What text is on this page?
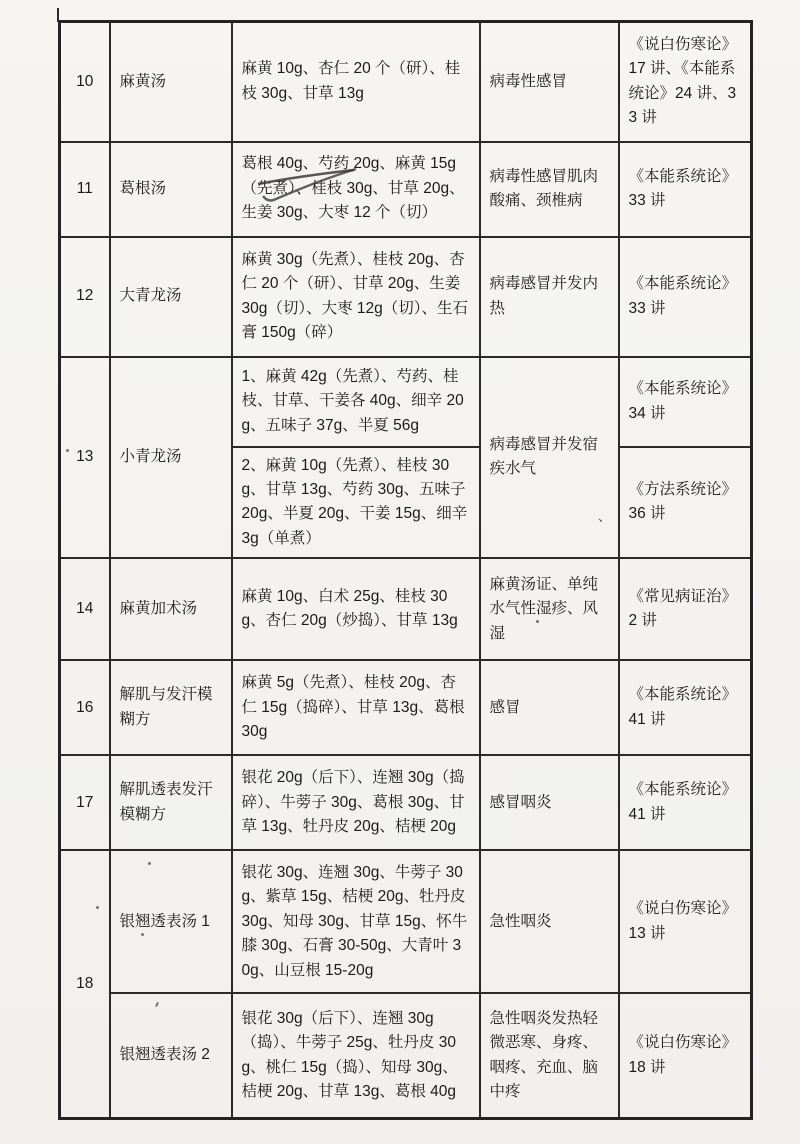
10	麻黄汤	麻黄 10g、杏仁 20 个（研）、桂枝 30g、甘草 13g	病毒性感冒	《说白伤寒论》17 讲、《本能系统论》24 讲、33 讲
11	葛根汤	葛根 40g、芍药 20g、麻黄 15g（先煮）、桂枝 30g、甘草 20g、生姜 30g、大枣 12 个（切）	病毒性感冒肌肉酸痛、颈椎病	《本能系统论》33 讲
12	大青龙汤	麻黄 30g（先煮）、桂枝 20g、杏仁 20 个（研）、甘草 20g、生姜 30g（切）、大枣 12g（切）、生石膏 150g（碎）	病毒感冒并发内热	《本能系统论》33 讲
13	小青龙汤	1、麻黄 42g（先煮）、芍药、桂枝、甘草、干姜各 40g、细辛 20g、五味子 37g、半夏 56g	病毒感冒并发宿疾水气	《本能系统论》34 讲
		2、麻黄 10g（先煮）、桂枝 30g、甘草 13g、芍药 30g、五味子 20g、半夏 20g、干姜 15g、细辛 3g（单煮）		《方法系统论》36 讲
14	麻黄加术汤	麻黄 10g、白术 25g、桂枝 30g、杏仁 20g（炒捣）、甘草 13g	麻黄汤证、单纯水气性湿疹、风湿	《常见病证治》2 讲
16	解肌与发汗模糊方	麻黄 5g（先煮）、桂枝 20g、杏仁 15g（捣碎）、甘草 13g、葛根 30g	感冒	《本能系统论》41 讲
17	解肌透表发汗模糊方	银花 20g（后下）、连翘 30g（捣碎）、牛蒡子 30g、葛根 30g、甘草 13g、牡丹皮 20g、桔梗 20g	感冒咽炎	《本能系统论》41 讲
18	银翘透表汤 1	银花 30g、连翘 30g、牛蒡子 30g、紫草 15g、桔梗 20g、牡丹皮 30g、知母 30g、甘草 15g、怀牛膝 30g、石膏 30-50g、大青叶 30g、山豆根 15-20g	急性咽炎	《说白伤寒论》13 讲
	银翘透表汤 2	银花 30g（后下）、连翘 30g（捣）、牛蒡子 25g、牡丹皮 30g、桃仁 15g（捣）、知母 30g、桔梗 20g、甘草 13g、葛根 40g	急性咽炎发热轻微恶寒、身疼、咽疼、充血、脑中疼	《说白伤寒论》18 讲
、
